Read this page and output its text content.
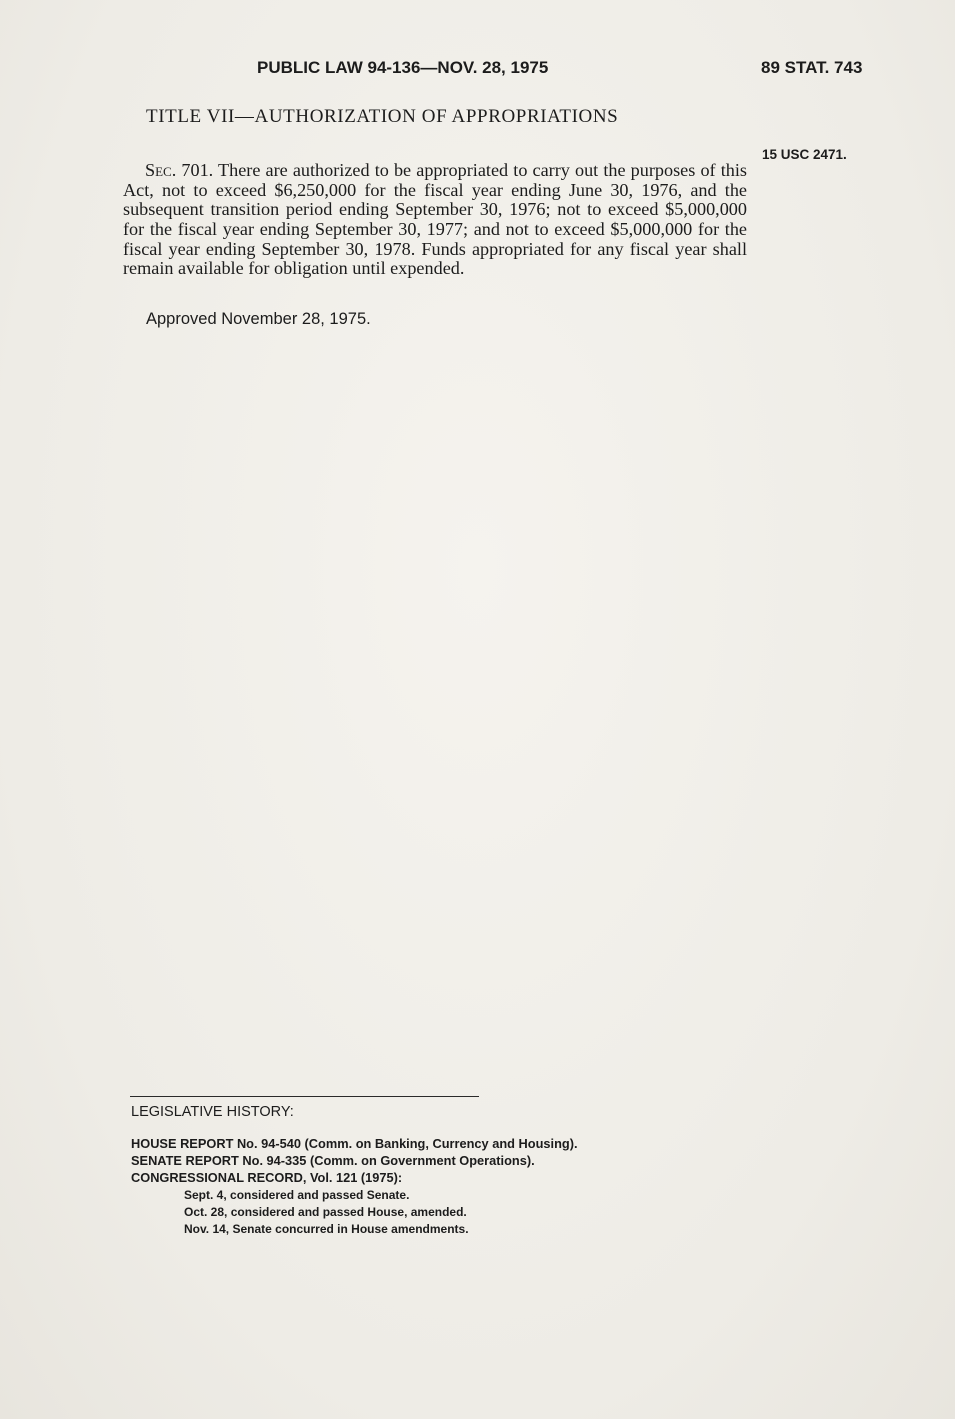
PUBLIC LAW 94-136—NOV. 28, 1975	89 STAT. 743
TITLE VII—AUTHORIZATION OF APPROPRIATIONS

Sec. 701. There are authorized to be appropriated to carry out the purposes of this Act, not to exceed $6,250,000 for the fiscal year ending June 30, 1976, and the subsequent transition period ending September 30, 1976; not to exceed $5,000,000 for the fiscal year ending September 30, 1977; and not to exceed $5,000,000 for the fiscal year ending September 30, 1978. Funds appropriated for any fiscal year shall remain available for obligation until expended.

15 USC 2471.
Approved November 28, 1975.
LEGISLATIVE HISTORY:
HOUSE REPORT No. 94-540 (Comm. on Banking, Currency and Housing).
SENATE REPORT No. 94-335 (Comm. on Government Operations).
CONGRESSIONAL RECORD, Vol. 121 (1975):
Sept. 4, considered and passed Senate.
Oct. 28, considered and passed House, amended.
Nov. 14, Senate concurred in House amendments.
